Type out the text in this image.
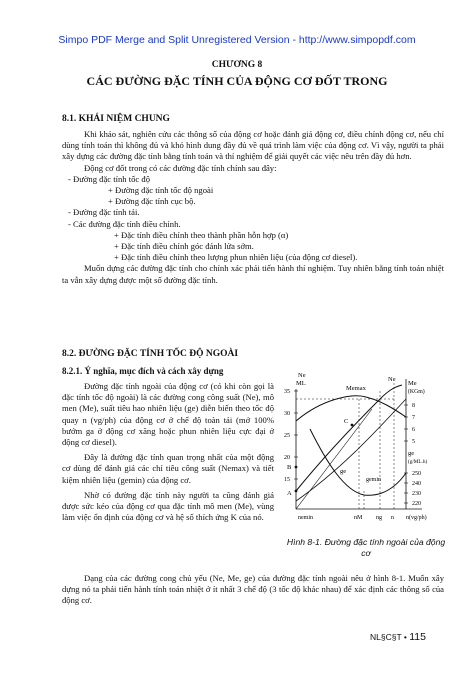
Simpo PDF Merge and Split Unregistered Version - http://www.simpopdf.com
CHƯƠNG 8
CÁC ĐƯỜNG ĐẶC TÍNH CỦA ĐỘNG CƠ ĐỐT TRONG
8.1. KHÁI NIỆM CHUNG

Khi khảo sát, nghiên cứu các thông số của động cơ hoặc đánh giá động cơ, điều chỉnh động cơ, nếu chỉ dùng tính toán thì không đủ và khó hình dung đầy đủ về quá trình làm việc của động cơ. Vì vậy, người ta phải xây dựng các đường đặc tính bằng tính toán và thí nghiệm để giải quyết các việc nêu trên đầy đủ hơn.

Động cơ đốt trong có các đường đặc tính chính sau đây:

- Đường đặc tính tốc độ

+ Đường đặc tính tốc độ ngoài

+ Đường đặc tính cục bộ.

- Đường đặc tính tải.

- Các đường đặc tính điều chỉnh.

+ Đặc tính điều chỉnh theo thành phần hỗn hợp (α)

+ Đặc tính điều chỉnh góc đánh lửa sớm.

+ Đặc tính điều chỉnh theo lượng phun nhiên liệu (của động cơ diesel).

Muốn dựng các đường đặc tính cho chính xác phải tiến hành thí nghiệm. Tuy nhiên bằng tính toán nhiệt ta vẫn xây dựng được một số đường đặc tính.

8.2. ĐƯỜNG ĐẶC TÍNH TỐC ĐỘ NGOÀI
8.2.1. Ý nghĩa, mục đích và cách xây dựng

Đường đặc tính ngoài của động cơ (có khi còn gọi là đặc tính tốc độ ngoài) là các đường cong công suất (Ne), mô men (Me), suất tiêu hao nhiên liệu (ge) diễn biến theo tốc độ quay n (vg/ph) của động cơ ở chế độ toàn tải (mở 100% bướm ga ở động cơ xăng hoặc phun nhiên liệu cực đại ở động cơ diesel).

Đây là đường đặc tính quan trọng nhất của một động cơ dùng để đánh giá các chỉ tiêu công suất (Nemax) và tiết kiệm nhiên liệu (gemin) của động cơ.

Nhờ có đường đặc tính này người ta cũng đánh giá được sức kéo của động cơ qua đặc tính mô men (Me), vùng làm việc ổn định của động cơ và hệ số thích ứng K của nó.

Ne
ML
35
30
25
20
15
Me
(KGm)
8
7
6
5
ge
(g/ML.h)
250
240
230
220
Memax
Ne
C
B
A
ge
gemin
nemin	nM ng n n(vg/ph)
Hình 8-1. Đường đặc tính ngoài của động cơ

Dạng của các đường cong chủ yếu (Ne, Me, ge) của đường đặc tính ngoài nêu ở hình 8-1. Muốn xây dựng nó ta phải tiến hành tính toán nhiệt ở ít nhất 3 chế độ (3 tốc độ khác nhau) để xác định các thông số của động cơ.

NL§C§T • 115
